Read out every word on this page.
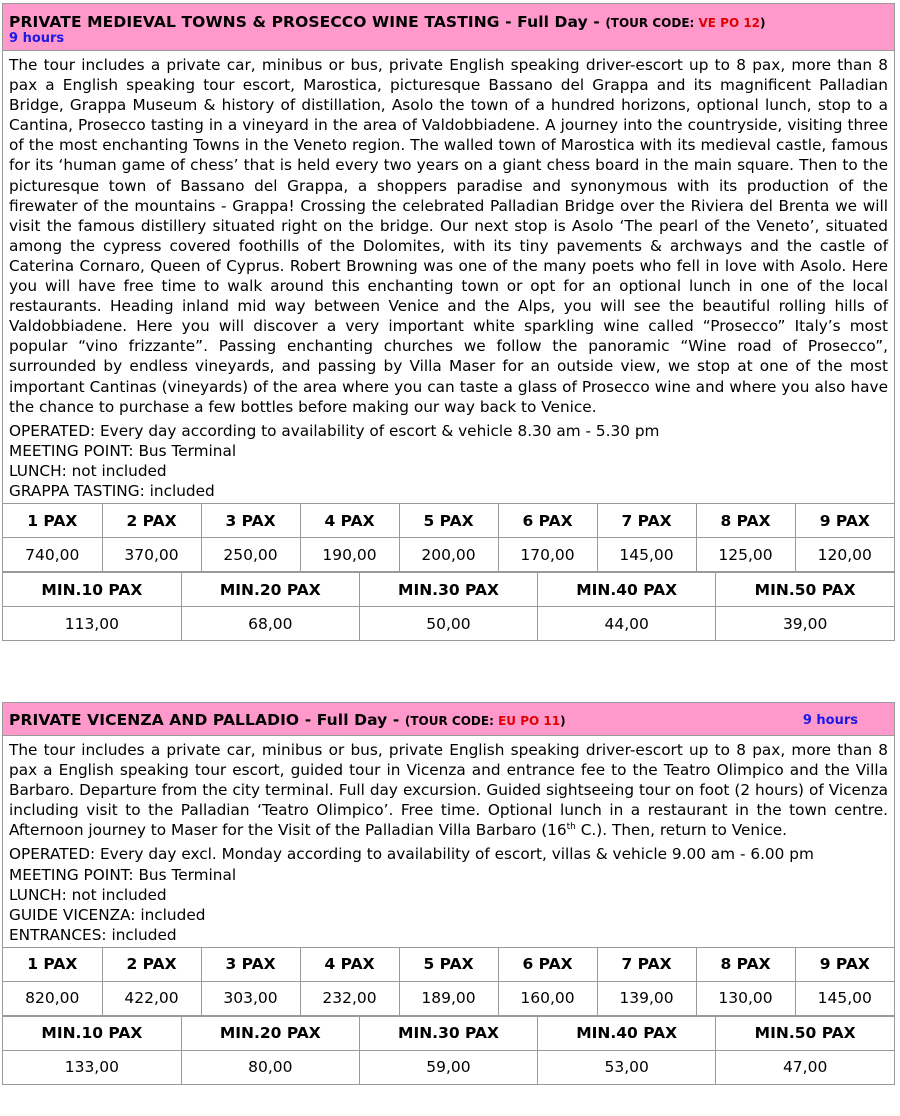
PRIVATE MEDIEVAL TOWNS & PROSECCO WINE TASTING - Full Day - (TOUR CODE: VE PO 12)
9 hours

The tour includes a private car, minibus or bus, private English speaking driver-escort up to 8 pax, more than 8 pax a English speaking tour escort, Marostica, picturesque Bassano del Grappa and its magnificent Palladian Bridge, Grappa Museum & history of distillation, Asolo the town of a hundred horizons, optional lunch, stop to a Cantina, Prosecco tasting in a vineyard in the area of Valdobbiadene. A journey into the countryside, visiting three of the most enchanting Towns in the Veneto region. The walled town of Marostica with its medieval castle, famous for its ‘human game of chess’ that is held every two years on a giant chess board in the main square. Then to the picturesque town of Bassano del Grappa, a shoppers paradise and synonymous with its production of the firewater of the mountains - Grappa! Crossing the celebrated Palladian Bridge over the Riviera del Brenta we will visit the famous distillery situated right on the bridge. Our next stop is Asolo ‘The pearl of the Veneto’, situated among the cypress covered foothills of the Dolomites, with its tiny pavements & archways and the castle of Caterina Cornaro, Queen of Cyprus. Robert Browning was one of the many poets who fell in love with Asolo. Here you will have free time to walk around this enchanting town or opt for an optional lunch in one of the local restaurants. Heading inland mid way between Venice and the Alps, you will see the beautiful rolling hills of Valdobbiadene. Here you will discover a very important white sparkling wine called “Prosecco” Italy’s most popular “vino frizzante”. Passing enchanting churches we follow the panoramic “Wine road of Prosecco”, surrounded by endless vineyards, and passing by Villa Maser for an outside view, we stop at one of the most important Cantinas (vineyards) of the area where you can taste a glass of Prosecco wine and where you also have the chance to purchase a few bottles before making our way back to Venice.

OPERATED: Every day according to availability of escort & vehicle 8.30 am - 5.30 pm
MEETING POINT: Bus Terminal
LUNCH: not included
GRAPPA TASTING: included
1 PAX	2 PAX	3 PAX	4 PAX	5 PAX	6 PAX	7 PAX	8 PAX	9 PAX
740,00	370,00	250,00	190,00	200,00	170,00	145,00	125,00	120,00
MIN.10 PAX	MIN.20 PAX	MIN.30 PAX	MIN.40 PAX	MIN.50 PAX
113,00	68,00	50,00	44,00	39,00
PRIVATE VICENZA AND PALLADIO - Full Day - (TOUR CODE: EU PO 11)	9 hours

The tour includes a private car, minibus or bus, private English speaking driver-escort up to 8 pax, more than 8 pax a English speaking tour escort, guided tour in Vicenza and entrance fee to the Teatro Olimpico and the Villa Barbaro. Departure from the city terminal. Full day excursion. Guided sightseeing tour on foot (2 hours) of Vicenza including visit to the Palladian ‘Teatro Olimpico’. Free time. Optional lunch in a restaurant in the town centre. Afternoon journey to Maser for the Visit of the Palladian Villa Barbaro (16th C.). Then, return to Venice.

OPERATED: Every day excl. Monday according to availability of escort, villas & vehicle 9.00 am - 6.00 pm
MEETING POINT: Bus Terminal
LUNCH: not included
GUIDE VICENZA: included
ENTRANCES: included
1 PAX	2 PAX	3 PAX	4 PAX	5 PAX	6 PAX	7 PAX	8 PAX	9 PAX
820,00	422,00	303,00	232,00	189,00	160,00	139,00	130,00	145,00
MIN.10 PAX	MIN.20 PAX	MIN.30 PAX	MIN.40 PAX	MIN.50 PAX
133,00	80,00	59,00	53,00	47,00
